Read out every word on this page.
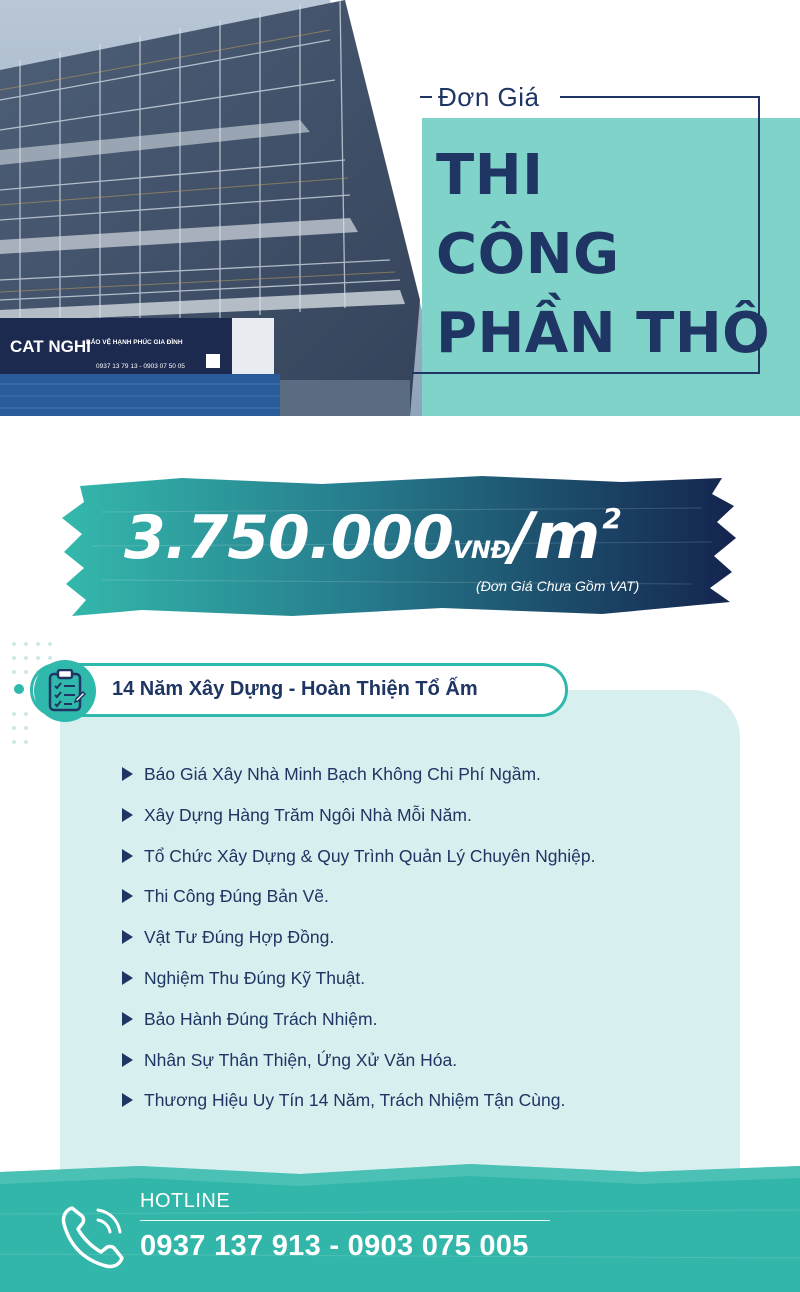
CAT NGHI
BẢO VỆ HẠNH PHÚC GIA ĐÌNH
0937 13 79 13 - 0903 07 50 05
Đơn Giá
THI
CÔNG
PHẦN THÔ
3.750.000VNĐ/m2
(Đơn Giá Chưa Gồm VAT)
14 Năm Xây Dựng - Hoàn Thiện Tổ Ấm
Báo Giá Xây Nhà Minh Bạch Không Chi Phí Ngầm.
Xây Dựng Hàng Trăm Ngôi Nhà Mỗi Năm.
Tổ Chức Xây Dựng & Quy Trình Quản Lý Chuyên Nghiệp.
Thi Công Đúng Bản Vẽ.
Vật Tư Đúng Hợp Đồng.
Nghiệm Thu Đúng Kỹ Thuật.
Bảo Hành Đúng Trách Nhiệm.
Nhân Sự Thân Thiện, Ứng Xử Văn Hóa.
Thương Hiệu Uy Tín 14 Năm, Trách Nhiệm Tận Cùng.
HOTLINE
0937 137 913 - 0903 075 005
